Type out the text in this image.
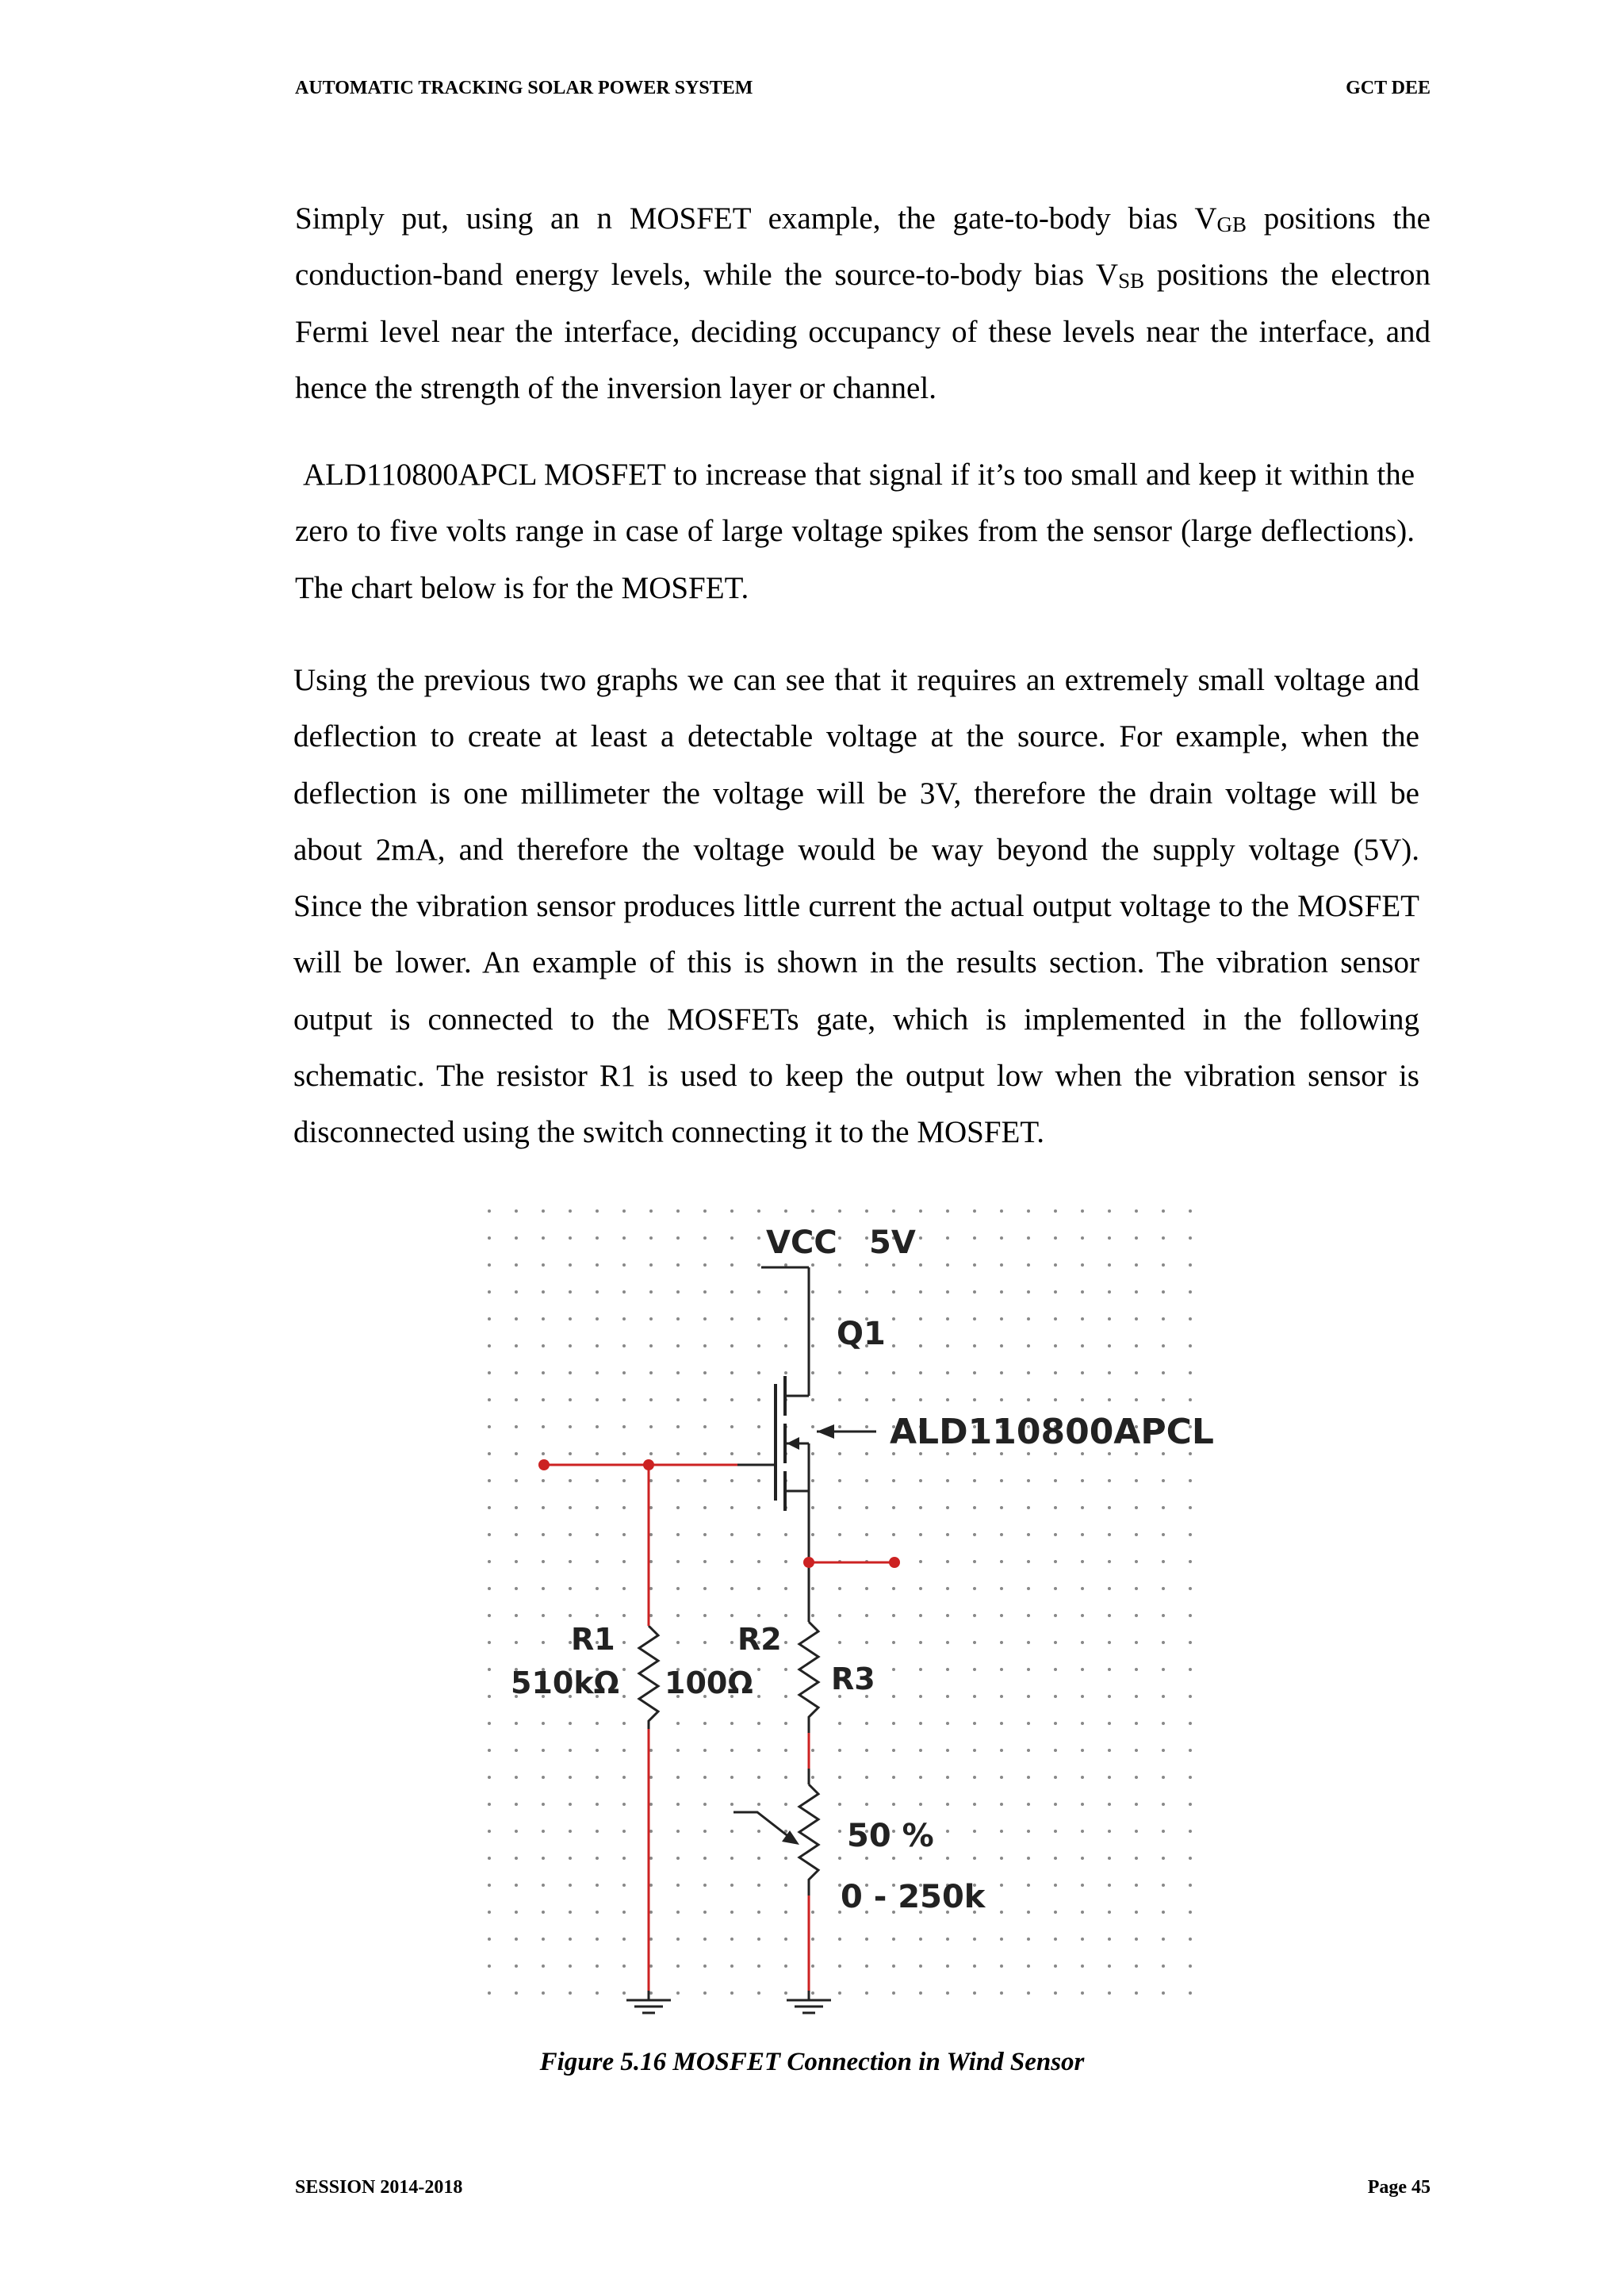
AUTOMATIC TRACKING SOLAR POWER SYSTEM	GCT DEE

Simply put, using an n MOSFET example, the gate-to-body bias $V_{GB}$ positions the conduction-band energy levels, while the source-to-body bias $V_{SB}$ positions the electron Fermi level near the interface, deciding occupancy of these levels near the interface, and hence the strength of the inversion layer or channel.

ALD110800APCL MOSFET to increase that signal if it’s too small and keep it within the zero to five volts range in case of large voltage spikes from the sensor (large deflections). The chart below is for the MOSFET.

Using the previous two graphs we can see that it requires an extremely small voltage and deflection to create at least a detectable voltage at the source. For example, when the deflection is one millimeter the voltage will be 3V, therefore the drain voltage will be about 2mA, and therefore the voltage would be way beyond the supply voltage (5V). Since the vibration sensor produces little current the actual output voltage to the MOSFET will be lower. An example of this is shown in the results section. The vibration sensor output is connected to the MOSFETs gate, which is implemented in the following schematic. The resistor R1 is used to keep the output low when the vibration sensor is disconnected using the switch connecting it to the MOSFET.

VCC 5V
Q1
ALD110800APCL
R1
510kΩ
R2
100Ω	R3
50 %
0 - 250k
Figure 5.16 MOSFET Connection in Wind Sensor
SESSION 2014-2018	Page 45
